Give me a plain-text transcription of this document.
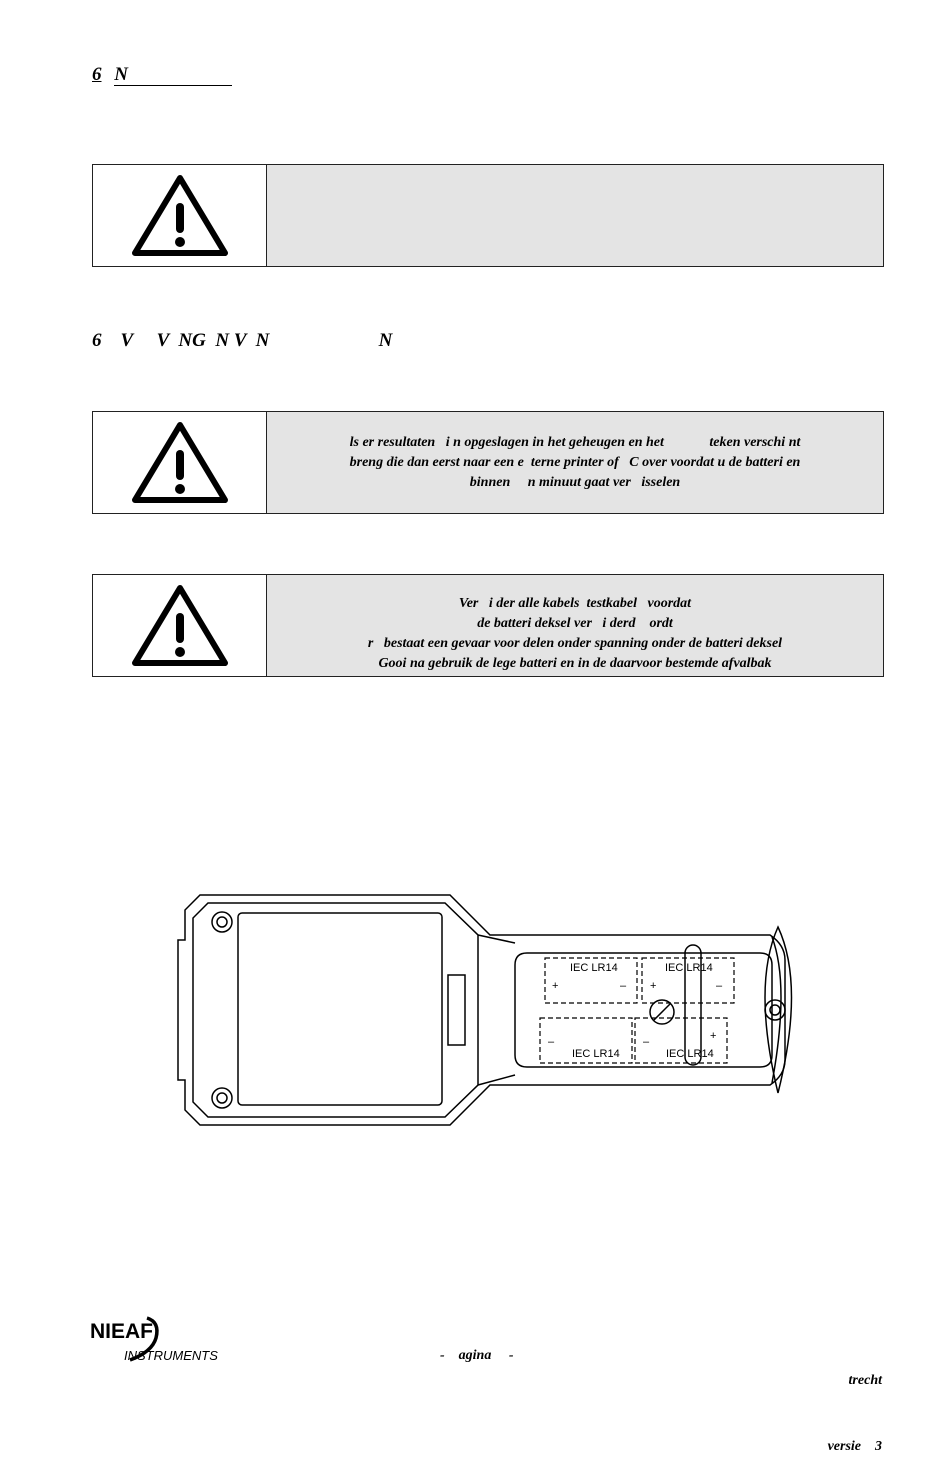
6 N
6    V     V  NG  N V  N                       N
ls er resultaten   i n opgeslagen in het geheugen en het             teken verschi nt
breng die dan eerst naar een e  terne printer of   C over voordat u de batteri en
binnen     n minuut gaat ver   isselen
Ver   i der alle kabels  testkabel   voordat
de batteri deksel ver   i derd    ordt
r   bestaat een gevaar voor delen onder spanning onder de batteri deksel
Gooi na gebruik de lege batteri en in de daarvoor bestemde afvalbak
IEC LR14
+	–
IEC LR14
+	–
–
IEC LR14
–	+
IEC LR14
NIEAF
INSTRUMENTS	-    agina     -

trecht

versie    3
